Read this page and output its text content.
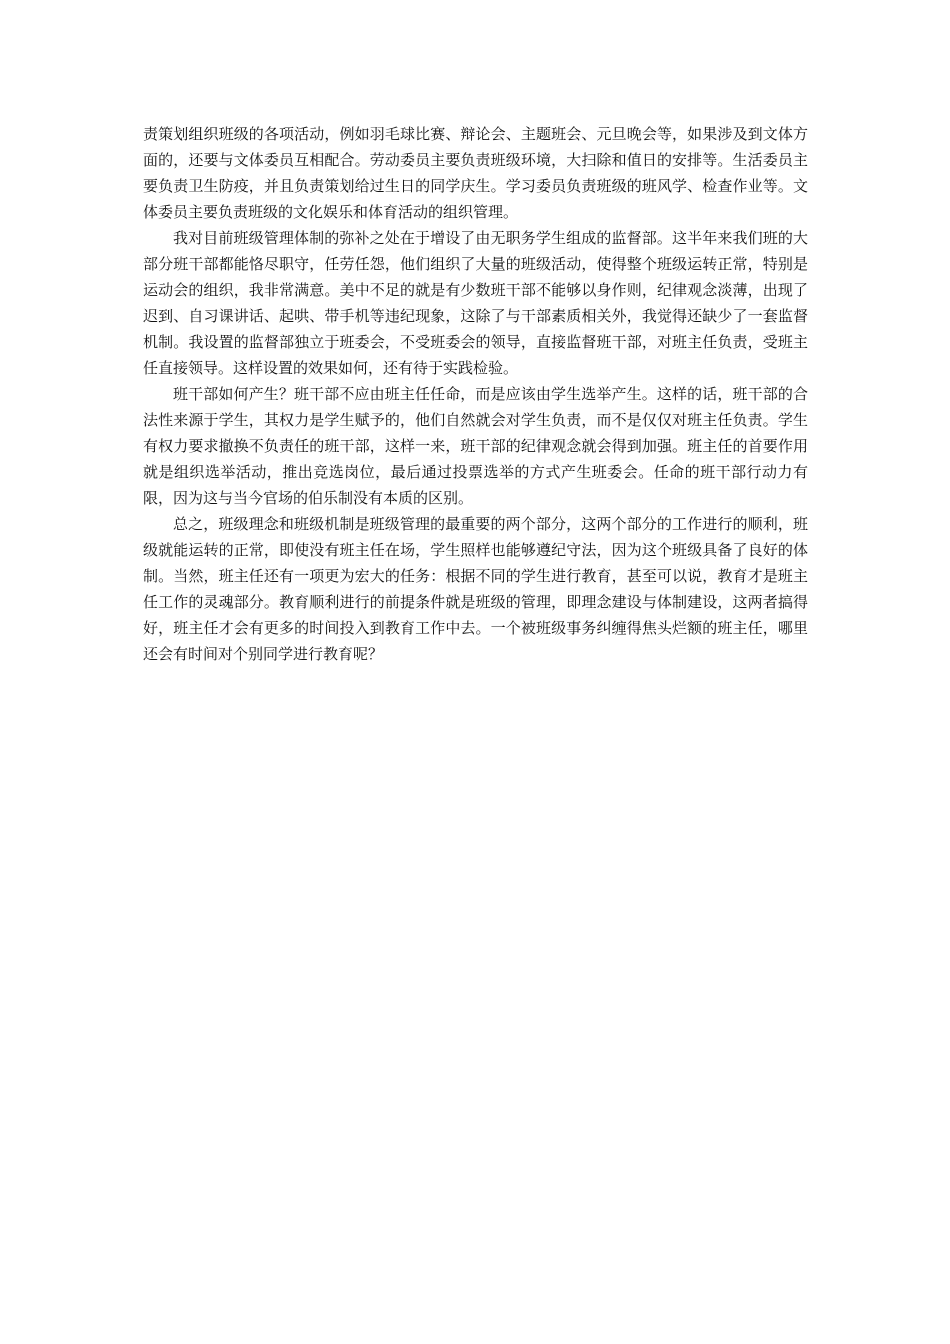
责策划组织班级的各项活动，例如羽毛球比赛、辩论会、主题班会、元旦晚会等，如果涉及到文体方面的，还要与文体委员互相配合。劳动委员主要负责班级环境，大扫除和值日的安排等。生活委员主要负责卫生防疫，并且负责策划给过生日的同学庆生。学习委员负责班级的班风学、检查作业等。文体委员主要负责班级的文化娱乐和体育活动的组织管理。

我对目前班级管理体制的弥补之处在于增设了由无职务学生组成的监督部。这半年来我们班的大部分班干部都能恪尽职守，任劳任怨，他们组织了大量的班级活动，使得整个班级运转正常，特别是运动会的组织，我非常满意。美中不足的就是有少数班干部不能够以身作则，纪律观念淡薄，出现了迟到、自习课讲话、起哄、带手机等违纪现象，这除了与干部素质相关外，我觉得还缺少了一套监督机制。我设置的监督部独立于班委会，不受班委会的领导，直接监督班干部，对班主任负责，受班主任直接领导。这样设置的效果如何，还有待于实践检验。

班干部如何产生？班干部不应由班主任任命，而是应该由学生选举产生。这样的话，班干部的合法性来源于学生，其权力是学生赋予的，他们自然就会对学生负责，而不是仅仅对班主任负责。学生有权力要求撤换不负责任的班干部，这样一来，班干部的纪律观念就会得到加强。班主任的首要作用就是组织选举活动，推出竞选岗位，最后通过投票选举的方式产生班委会。任命的班干部行动力有限，因为这与当今官场的伯乐制没有本质的区别。

总之，班级理念和班级机制是班级管理的最重要的两个部分，这两个部分的工作进行的顺利，班级就能运转的正常，即使没有班主任在场，学生照样也能够遵纪守法，因为这个班级具备了良好的体制。当然，班主任还有一项更为宏大的任务：根据不同的学生进行教育，甚至可以说，教育才是班主任工作的灵魂部分。教育顺利进行的前提条件就是班级的管理，即理念建设与体制建设，这两者搞得好，班主任才会有更多的时间投入到教育工作中去。一个被班级事务纠缠得焦头烂额的班主任，哪里还会有时间对个别同学进行教育呢？
